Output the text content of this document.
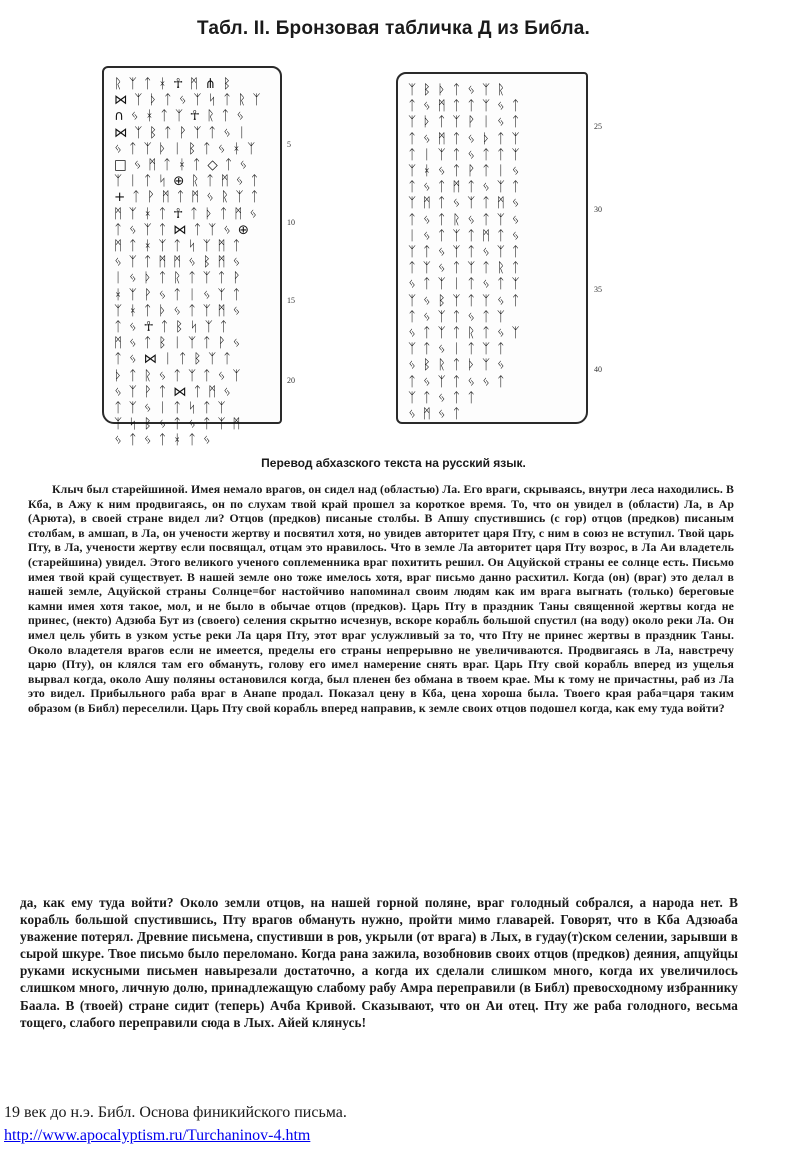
Табл. II. Бронзовая табличка Д из Библа.
ᚱ ᛉ ᛏ ᚼ ☥ ᛗ ⋔ ᛒ
⋈ ᛉ ᚦ ᛏ ᛃ ᛉ ᛋ ᛏ ᚱ ᛉ
∩ ᛃ ᚼ ᛏ ᛉ ☥ ᚱ ᛏ ᛃ
⋈ ᛉ ᛒ ᛏ ᚹ ᛉ ᛏ ᛃ ᛁ
ᛃ ᛏ ᛉ ᚦ ᛁ ᛒ ᛏ ᛃ ᚼ ᛉ
□ ᛃ ᛗ ᛏ ᚼ ᛏ ◇ ᛏ ᛃ
ᛉ ᛁ ᛏ ᛋ ⊕ ᚱ ᛏ ᛗ ᛃ ᛏ
+ ᛏ ᚹ ᛗ ᛏ ᛗ ᛃ ᚱ ᛉ ᛏ
ᛗ ᛉ ᚼ ᛏ ☥ ᛏ ᚦ ᛏ ᛗ ᛃ
ᛏ ᛃ ᛉ ᛏ ⋈ ᛏ ᛉ ᛃ ⊕
ᛗ ᛏ ᚼ ᛉ ᛏ ᛋ ᛉ ᛗ ᛏ
ᛃ ᛉ ᛏ ᛗ ᛗ ᛃ ᛒ ᛗ ᛃ
ᛁ ᛃ ᚦ ᛏ ᚱ ᛏ ᛉ ᛏ ᚹ
ᚼ ᛉ ᚹ ᛃ ᛏ ᛁ ᛃ ᛉ ᛏ
ᛉ ᚼ ᛏ ᚦ ᛃ ᛏ ᛉ ᛗ ᛃ
ᛏ ᛃ ☥ ᛏ ᛒ ᛋ ᛉ ᛏ
ᛗ ᛃ ᛏ ᛒ ᛁ ᛉ ᛏ ᚹ ᛃ
ᛏ ᛃ ⋈ ᛁ ᛏ ᛒ ᛉ ᛏ
ᚦ ᛏ ᚱ ᛃ ᛏ ᛉ ᛏ ᛃ ᛉ
ᛃ ᛉ ᚹ ᛏ ⋈ ᛏ ᛗ ᛃ
ᛏ ᛉ ᛃ ᛁ ᛏ ᛋ ᛏ ᛉ
ᛉ ᛋ ᛒ ᛃ ᛏ ᛃ ᛏ ᛉ ᛗ
ᛃ ᛏ ᛃ ᛏ ᚼ ᛏ ᛃ
5
10
15
20
ᛉ ᛒ ᚦ ᛏ ᛃ ᛉ ᚱ
ᛏ ᛃ ᛗ ᛏ ᛏ ᛉ ᛃ ᛏ
ᛉ ᚦ ᛏ ᛉ ᚹ ᛁ ᛃ ᛏ
ᛏ ᛃ ᛗ ᛏ ᛃ ᚦ ᛏ ᛉ
ᛏ ᛁ ᛉ ᛏ ᛃ ᛏ ᛏ ᛉ
ᛉ ᚼ ᛃ ᛏ ᚹ ᛏ ᛁ ᛃ
ᛏ ᛃ ᛏ ᛗ ᛏ ᛃ ᛉ ᛏ
ᛉ ᛗ ᛏ ᛃ ᛉ ᛏ ᛗ ᛃ
ᛏ ᛃ ᛏ ᚱ ᛃ ᛏ ᛉ ᛃ
ᛁ ᛃ ᛏ ᛉ ᛏ ᛗ ᛏ ᛃ
ᛉ ᛏ ᛃ ᛉ ᛏ ᛃ ᛉ ᛏ
ᛏ ᛉ ᛃ ᛏ ᛉ ᛏ ᚱ ᛏ
ᛃ ᛏ ᛉ ᛁ ᛏ ᛃ ᛏ ᛉ
ᛉ ᛃ ᛒ ᛉ ᛏ ᛉ ᛃ ᛏ
ᛏ ᛃ ᛉ ᛏ ᛃ ᛏ ᛉ
ᛃ ᛏ ᛉ ᛏ ᚱ ᛏ ᛃ ᛉ
ᛉ ᛏ ᛃ ᛁ ᛏ ᛉ ᛏ
ᛃ ᛒ ᚱ ᛏ ᚦ ᛉ ᛃ
ᛏ ᛃ ᛉ ᛏ ᛃ ᛃ ᛏ
ᛉ ᛏ ᛃ ᛏ ᛏ
ᛃ ᛗ ᛃ ᛏ
25
30
35
40
Перевод абхазского текста на русский язык.

Клыч был старейшиной. Имея немало врагов, он сидел над (областью) Ла. Его враги, скрываясь, внутри леса находились. В Кба, в Ажу к ним продвигаясь, он по слухам твой край прошел за короткое время. То, что он увидел в (области) Ла, в Ар (Арюта), в своей стране видел ли? Отцов (предков) писаные столбы. В Апшу спустившись (с гор) отцов (предков) писаным столбам, в амшап, в Ла, он учености жертву и посвятил хотя, но увидев авторитет царя Пту, с ним в союз не вступил. Твой царь Пту, в Ла, учености жертву если посвящал, отцам это нравилось. Что в земле Ла авторитет царя Пту возрос, в Ла Аи владетель (старейшина) увидел. Этого великого ученого соплеменника враг похитить решил. Он Ацуйской страны ее солнце есть. Письмо имея твой край существует. В нашей земле оно тоже имелось хотя, враг письмо данно расхитил. Когда (он) (враг) это делал в нашей земле, Ацуйской страны Солнце=бог настойчиво напоминал своим людям как им врага выгнать (только) береговые камни имея хотя такое, мол, и не было в обычае отцов (предков). Царь Пту в праздник Таны священной жертвы когда не принес, (некто) Адзюба Бут из (своего) селения скрытно исчезнув, вскоре корабль большой спустил (на воду) около реки Ла. Он имел цель убить в узком устье реки Ла царя Пту, этот враг услужливый за то, что Пту не принес жертвы в праздник Таны. Около владетеля врагов если не имеется, пределы его страны непрерывно не увеличиваются. Продвигаясь в Ла, навстречу царю (Пту), он клялся там его обмануть, голову его имел намерение снять враг. Царь Пту свой корабль вперед из ущелья вырвал когда, около Ашу поляны остановился когда, был пленен без обмана в твоем крае. Мы к тому не причастны, раб из Ла это видел. Прибыльного раба враг в Анапе продал. Показал цену в Кба, цена хороша была. Твоего края раба=царя таким образом (в Библ) переселили. Царь Пту свой корабль вперед направив, к земле своих отцов подошел когда, как ему туда войти?

да, как ему туда войти? Около земли отцов, на нашей горной поляне, враг голодный собрался, а народа нет. В корабль большой спустившись, Пту врагов обмануть нужно, пройти мимо главарей. Говорят, что в Кба Адзюаба уважение потерял. Древние письмена, спустивши в ров, укрыли (от врага) в Лых, в гудау(т)ском селении, зарывши в сырой шкуре. Твое письмо было переломано. Когда рана зажила, возобновив своих отцов (предков) деяния, апцуйцы руками искусными письмен навырезали достаточно, а когда их сделали слишком много, когда их увеличилось слишком много, личную долю, принадлежащую слабому рабу Амра переправили (в Библ) превосходному избраннику Баала. В (твоей) стране сидит (теперь) Ачба Кривой. Сказывают, что он Аи отец. Пту же раба голодного, весьма тощего, слабого переправили сюда в Лых. Айей клянусь!

19 век до н.э. Библ. Основа финикийского письма.
http://www.apocalyptism.ru/Turchaninov-4.htm
